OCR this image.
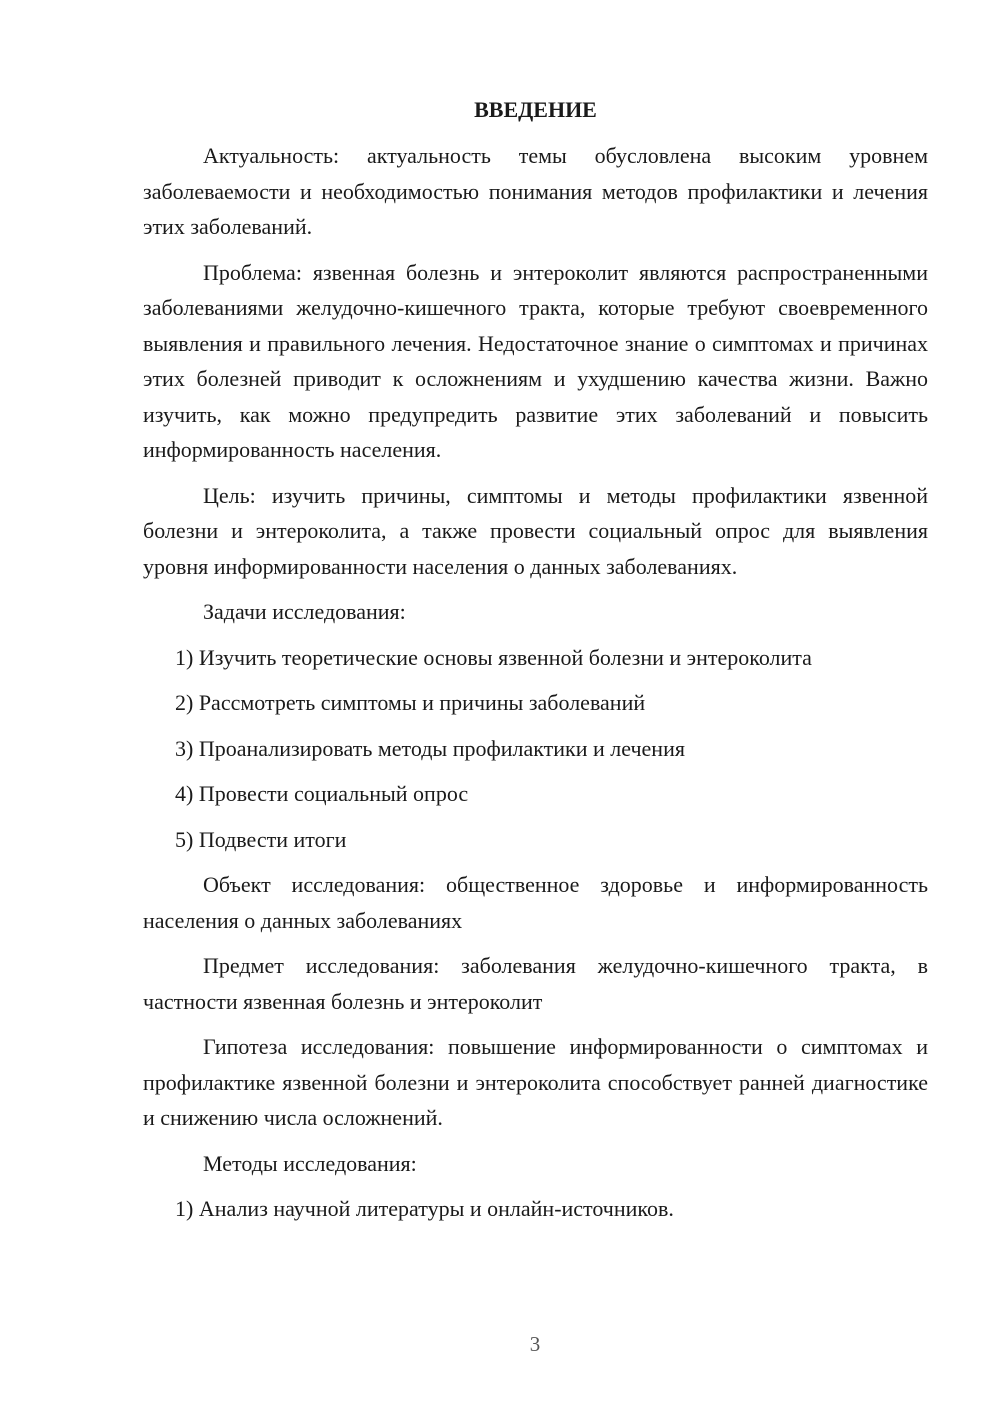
ВВЕДЕНИЕ

Актуальность: актуальность темы обусловлена высоким уровнем заболеваемости и необходимостью понимания методов профилактики и лечения этих заболеваний.

Проблема: язвенная болезнь и энтероколит являются распространенными заболеваниями желудочно-кишечного тракта, которые требуют своевременного выявления и правильного лечения. Недостаточное знание о симптомах и причинах этих болезней приводит к осложнениям и ухудшению качества жизни. Важно изучить, как можно предупредить развитие этих заболеваний и повысить информированность населения.

Цель: изучить причины, симптомы и методы профилактики язвенной болезни и энтероколита, а также провести социальный опрос для выявления уровня информированности населения о данных заболеваниях.

Задачи исследования:

1) Изучить теоретические основы язвенной болезни и энтероколита
2) Рассмотреть симптомы и причины заболеваний
3) Проанализировать методы профилактики и лечения
4) Провести социальный опрос
5) Подвести итоги

Объект исследования: общественное здоровье и информированность населения о данных заболеваниях

Предмет исследования: заболевания желудочно-кишечного тракта, в частности язвенная болезнь и энтероколит

Гипотеза исследования: повышение информированности о симптомах и профилактике язвенной болезни и энтероколита способствует ранней диагностике и снижению числа осложнений.

Методы исследования:

1) Анализ научной литературы и онлайн-источников.
3
